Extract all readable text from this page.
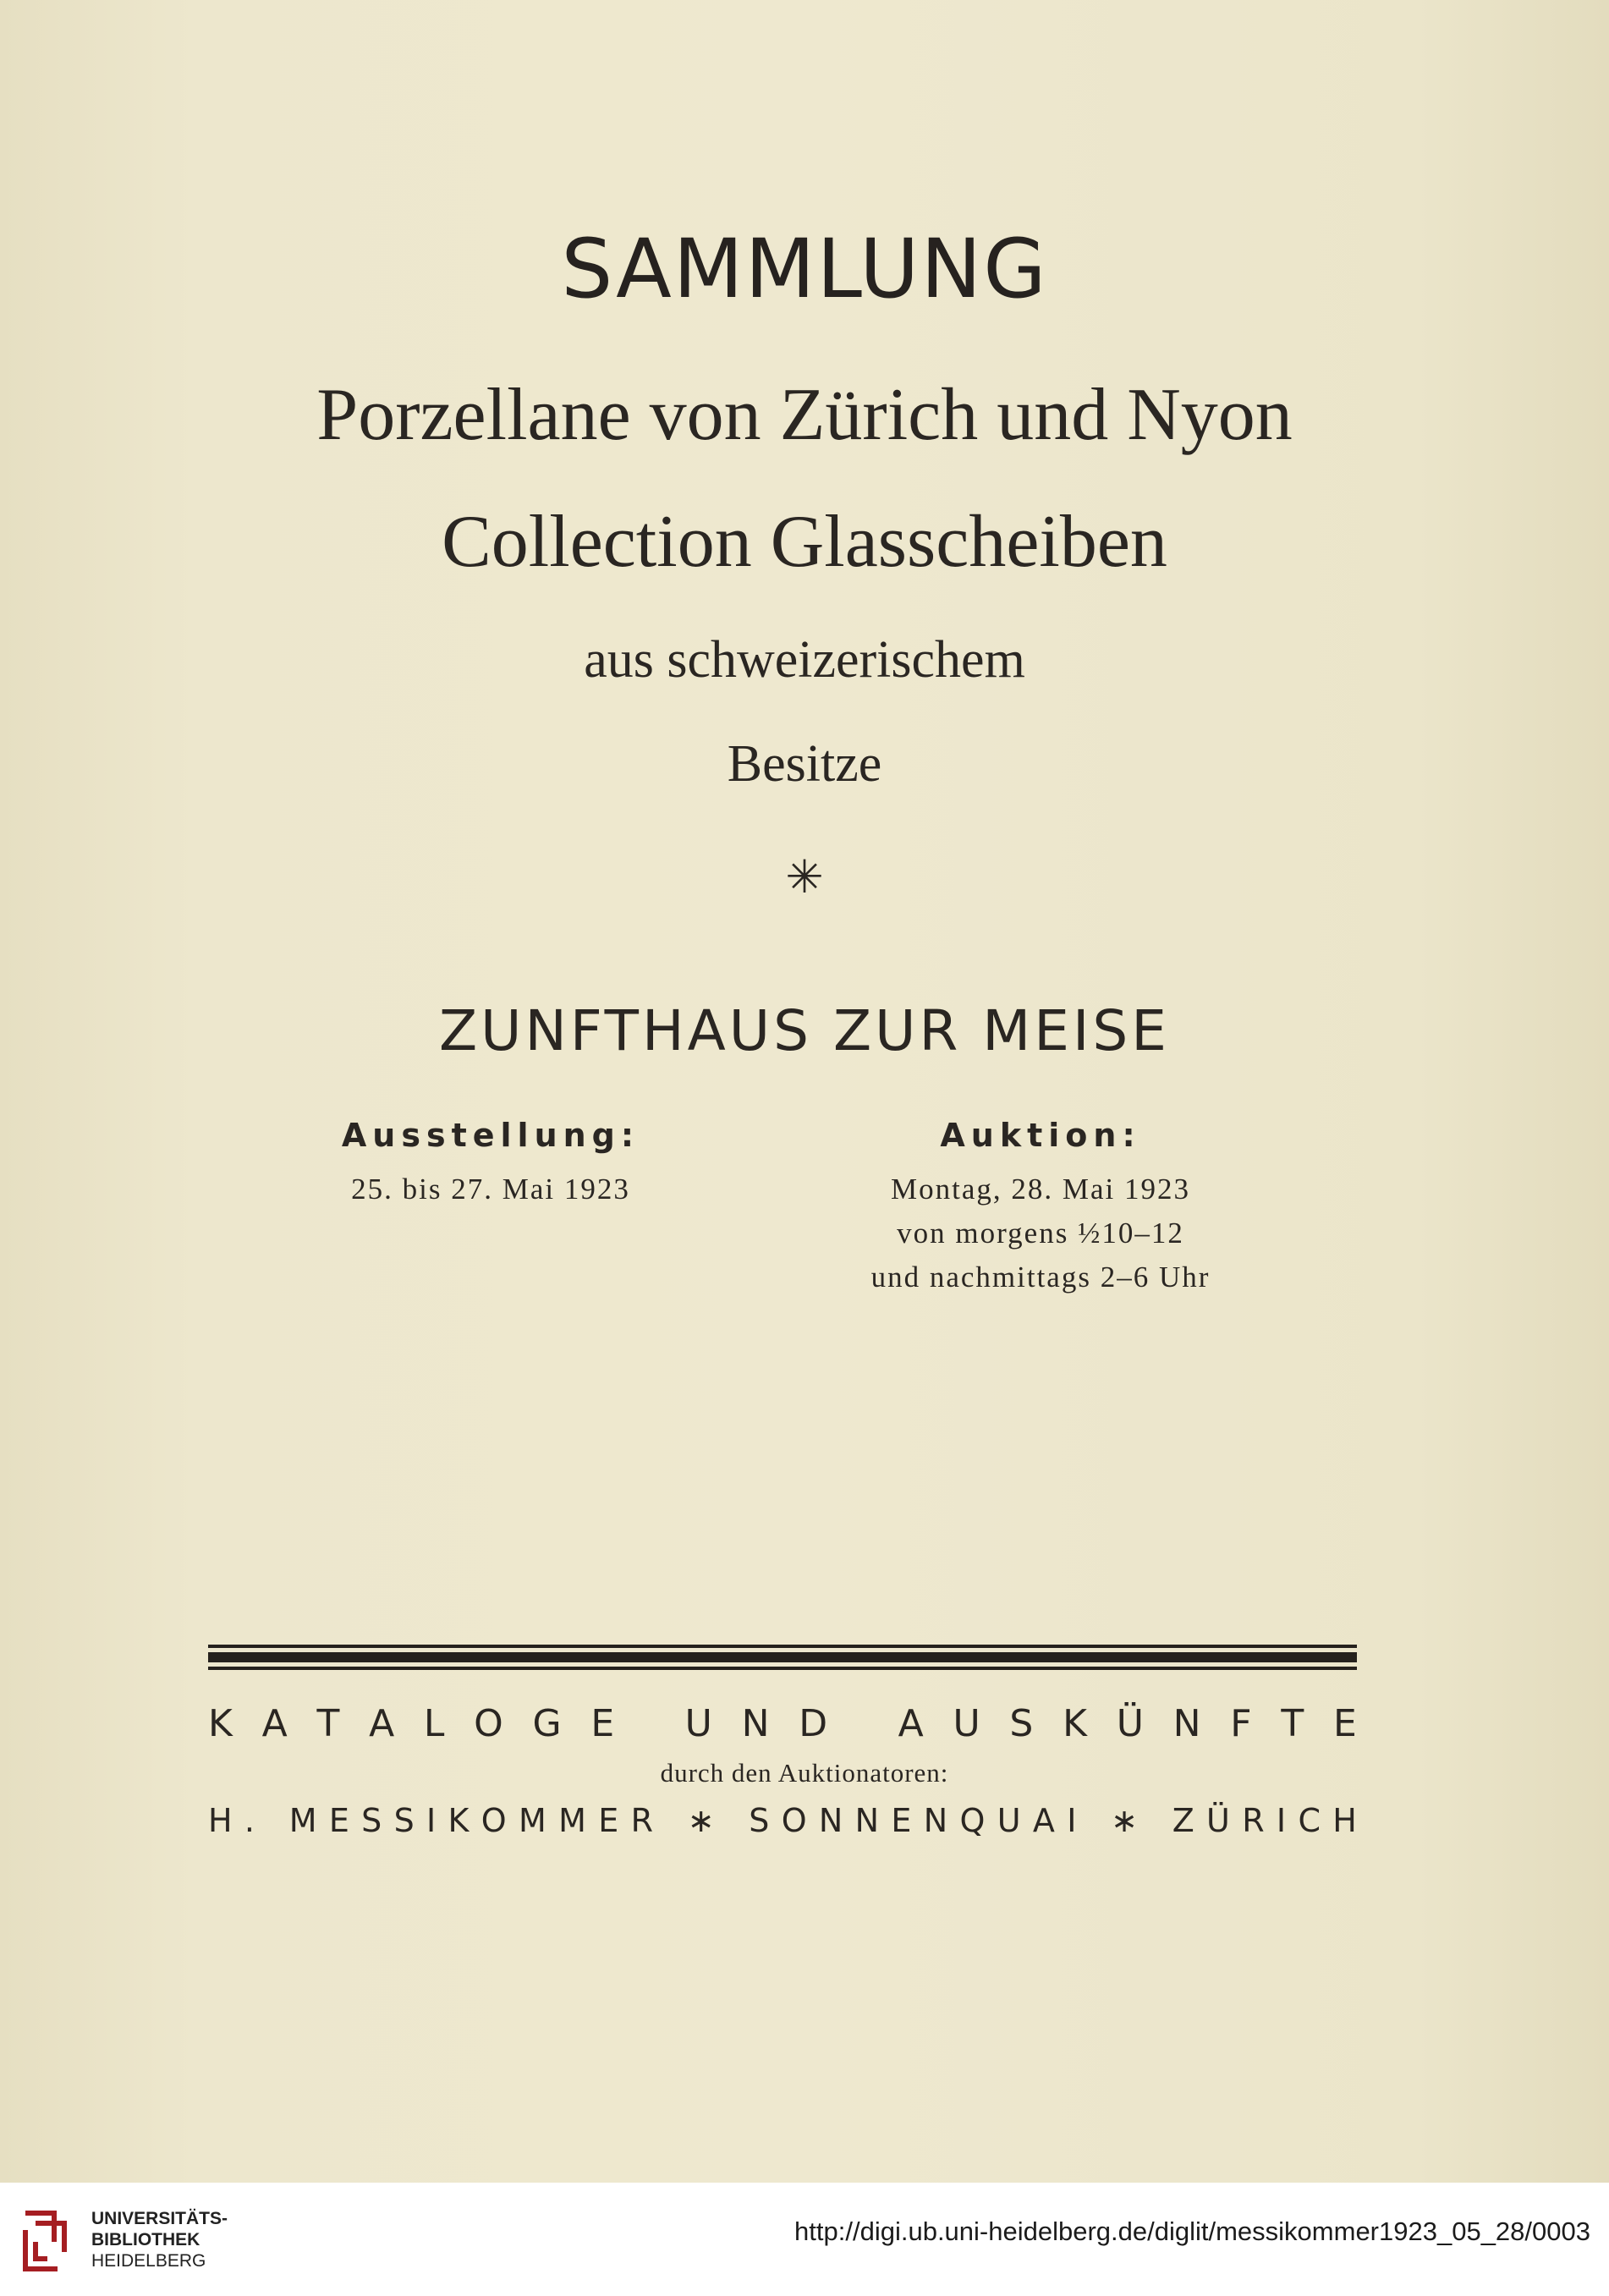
SAMMLUNG
Porzellane von Zürich und Nyon
Collection Glasscheiben
aus schweizerischem
Besitze
✳
ZUNFTHAUS ZUR MEISE
Ausstellung:
25. bis 27. Mai 1923
Auktion:
Montag, 28. Mai 1923
von morgens ½10–12
und nachmittags 2–6 Uhr
K A T A L O G E
U N D
A U S K Ü N F T E
durch den Auktionatoren:
H .
M E S S I K O M M E R
∗
S O N N E N Q U A I
∗
Z Ü R I C H
UNIVERSITÄTS-
BIBLIOTHEK
HEIDELBERG
http://digi.ub.uni-heidelberg.de/diglit/messikommer1923_05_28/0003
